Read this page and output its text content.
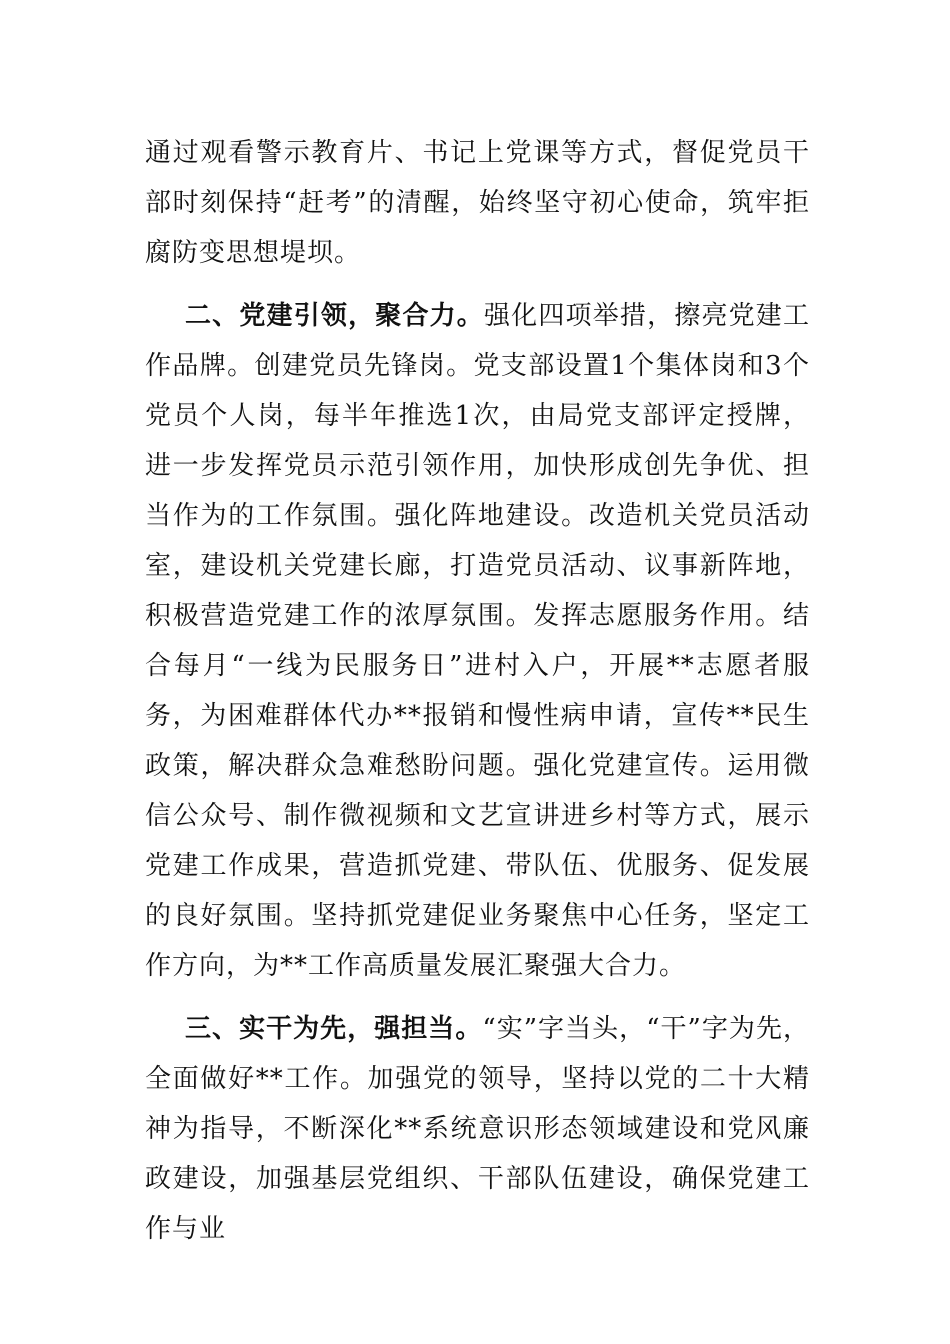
通过观看警示教育片、书记上党课等方式，督促党员干部时刻保持“赶考”的清醒，始终坚守初心使命，筑牢拒腐防变思想堤坝。

二、党建引领，聚合力。强化四项举措，擦亮党建工作品牌。创建党员先锋岗。党支部设置1个集体岗和3个党员个人岗，每半年推选1次，由局党支部评定授牌，进一步发挥党员示范引领作用，加快形成创先争优、担当作为的工作氛围。强化阵地建设。改造机关党员活动室，建设机关党建长廊，打造党员活动、议事新阵地，积极营造党建工作的浓厚氛围。发挥志愿服务作用。结合每月“一线为民服务日”进村入户，开展**志愿者服务，为困难群体代办**报销和慢性病申请，宣传**民生政策，解决群众急难愁盼问题。强化党建宣传。运用微信公众号、制作微视频和文艺宣讲进乡村等方式，展示党建工作成果，营造抓党建、带队伍、优服务、促发展的良好氛围。坚持抓党建促业务聚焦中心任务，坚定工作方向，为**工作高质量发展汇聚强大合力。

三、实干为先，强担当。“实”字当头，“干”字为先，全面做好**工作。加强党的领导，坚持以党的二十大精神为指导，不断深化**系统意识形态领域建设和党风廉政建设，加强基层党组织、干部队伍建设，确保党建工作与业
